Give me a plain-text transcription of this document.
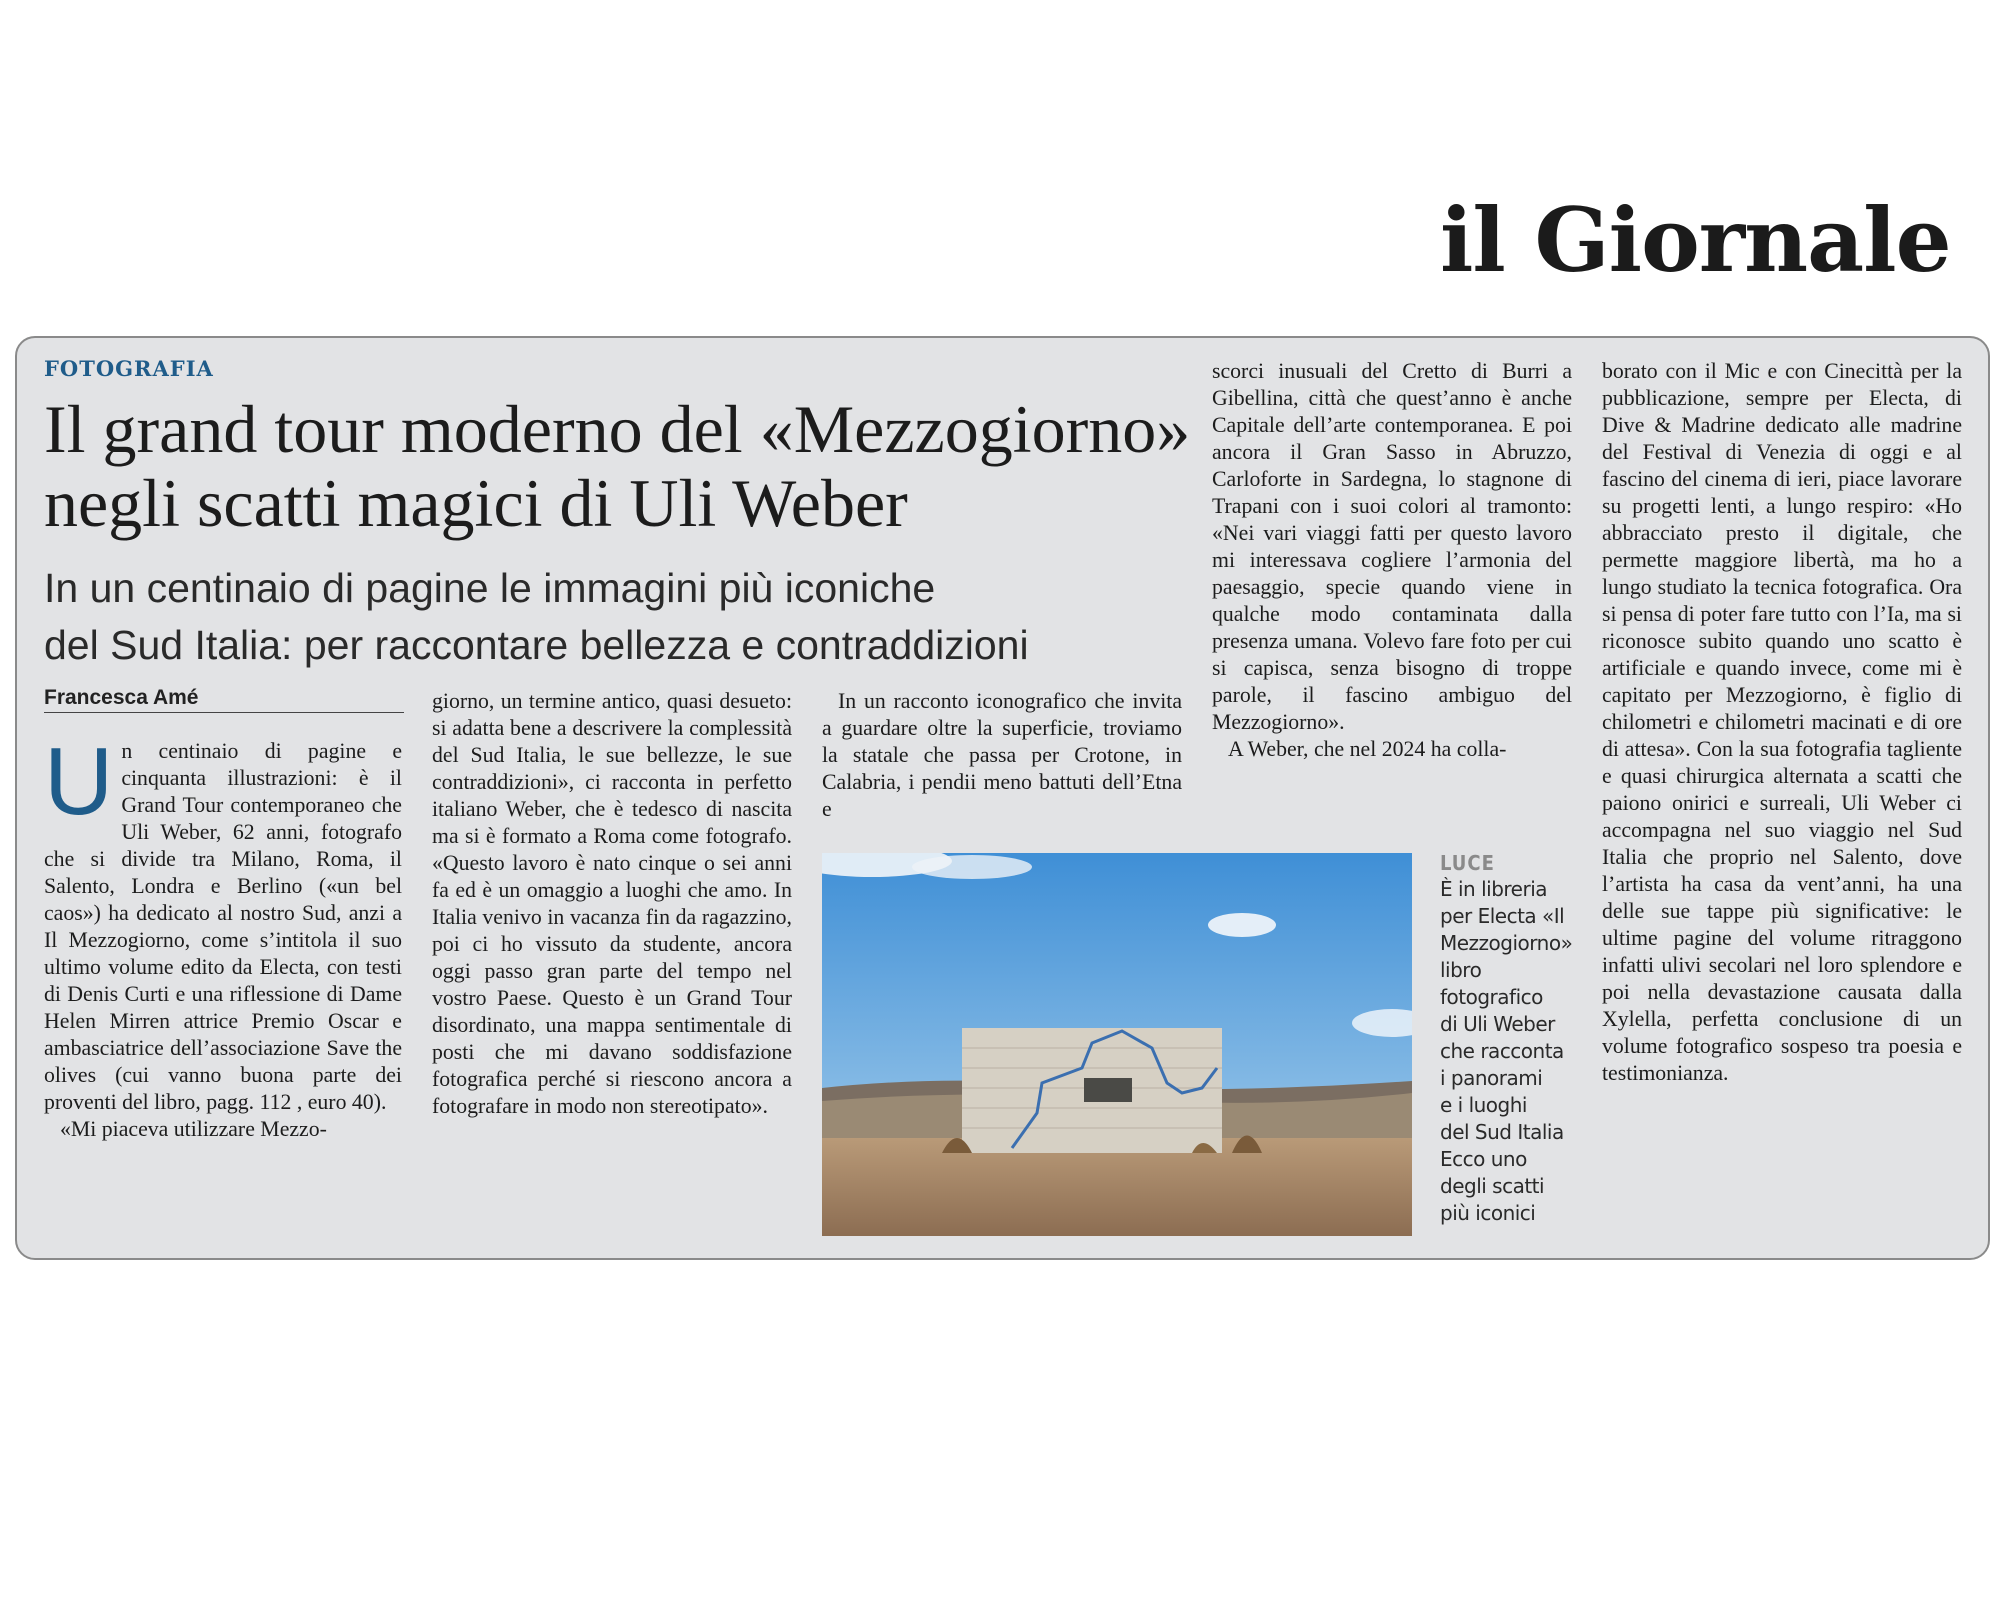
il Giornale
FOTOGRAFIA
Il grand tour moderno del «Mezzogiorno»
negli scatti magici di Uli Weber
In un centinaio di pagine le immagini più iconiche
del Sud Italia: per raccontare bellezza e contraddizioni
Francesca Amé

Un centinaio di pagine e cinquanta illustrazioni: è il Grand Tour contemporaneo che Uli Weber, 62 anni, fotografo che si divide tra Milano, Roma, il Salento, Londra e Berlino («un bel caos») ha dedicato al nostro Sud, anzi a Il Mezzogiorno, come s’intitola il suo ultimo volume edito da Electa, con testi di Denis Curti e una riflessione di Dame Helen Mirren attrice Premio Oscar e ambasciatrice dell’associazione Save the olives (cui vanno buona parte dei proventi del libro, pagg. 112 , euro 40).

«Mi piaceva utilizzare Mezzo-

giorno, un termine antico, quasi desueto: si adatta bene a descrivere la complessità del Sud Italia, le sue bellezze, le sue contraddizioni», ci racconta in perfetto italiano Weber, che è tedesco di nascita ma si è formato a Roma come fotografo. «Questo lavoro è nato cinque o sei anni fa ed è un omaggio a luoghi che amo. In Italia venivo in vacanza fin da ragazzino, poi ci ho vissuto da studente, ancora oggi passo gran parte del tempo nel vostro Paese. Questo è un Grand Tour disordinato, una mappa sentimentale di posti che mi davano soddisfazione fotografica perché si riescono ancora a fotografare in modo non stereotipato».

In un racconto iconografico che invita a guardare oltre la superficie, troviamo la statale che passa per Crotone, in Calabria, i pendii meno battuti dell’Etna e

scorci inusuali del Cretto di Burri a Gibellina, città che quest’anno è anche Capitale dell’arte contemporanea. E poi ancora il Gran Sasso in Abruzzo, Carloforte in Sardegna, lo stagnone di Trapani con i suoi colori al tramonto: «Nei vari viaggi fatti per questo lavoro mi interessava cogliere l’armonia del paesaggio, specie quando viene in qualche modo contaminata dalla presenza umana. Volevo fare foto per cui si capisca, senza bisogno di troppe parole, il fascino ambiguo del Mezzogiorno».

A Weber, che nel 2024 ha colla-

borato con il Mic e con Cinecittà per la pubblicazione, sempre per Electa, di Dive & Madrine dedicato alle madrine del Festival di Venezia di oggi e al fascino del cinema di ieri, piace lavorare su progetti lenti, a lungo respiro: «Ho abbracciato presto il digitale, che permette maggiore libertà, ma ho a lungo studiato la tecnica fotografica. Ora si pensa di poter fare tutto con l’Ia, ma si riconosce subito quando uno scatto è artificiale e quando invece, come mi è capitato per Mezzogiorno, è figlio di chilometri e chilometri macinati e di ore di attesa». Con la sua fotografia tagliente e quasi chirurgica alternata a scatti che paiono onirici e surreali, Uli Weber ci accompagna nel suo viaggio nel Sud Italia che proprio nel Salento, dove l’artista ha casa da vent’anni, ha una delle sue tappe più significative: le ultime pagine del volume ritraggono infatti ulivi secolari nel loro splendore e poi nella devastazione causata dalla Xylella, perfetta conclusione di un volume fotografico sospeso tra poesia e testimonianza.

LUCE
È in libreria
per Electa «Il
Mezzogiorno»
libro
fotografico
di Uli Weber
che racconta
i panorami
e i luoghi
del Sud Italia
Ecco uno
degli scatti
più iconici
